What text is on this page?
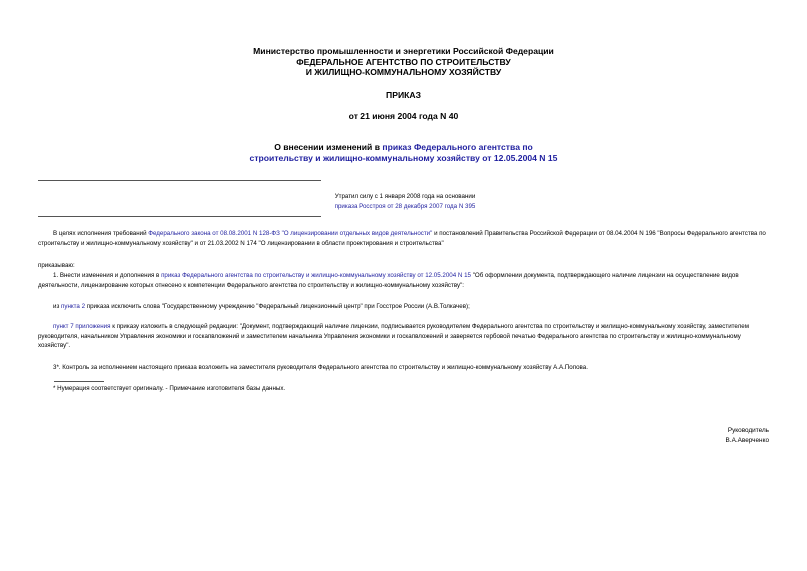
Министерство промышленности и энергетики Российской Федерации
ФЕДЕРАЛЬНОЕ АГЕНТСТВО ПО СТРОИТЕЛЬСТВУ
И ЖИЛИЩНО-КОММУНАЛЬНОМУ ХОЗЯЙСТВУ
ПРИКАЗ
от 21 июня 2004 года N 40
О внесении изменений в приказ Федерального агентства по
строительству и жилищно-коммунальному хозяйству от 12.05.2004 N 15
Утратил силу с 1 января 2008 года на основании
приказа Росстроя от 28 декабря 2007 года N 395
В целях исполнения требований Федерального закона от 08.08.2001 N 128-ФЗ "О лицензировании отдельных видов деятельности" и постановлений Правительства Российской Федерации от 08.04.2004 N 196 "Вопросы Федерального агентства по строительству и жилищно-коммунальному хозяйству" и от 21.03.2002 N 174 "О лицензировании в области проектирования и строительства"
приказываю:
1. Внести изменения и дополнения в приказ Федерального агентства по строительству и жилищно-коммунальному хозяйству от 12.05.2004 N 15 "Об оформлении документа, подтверждающего наличие лицензии на осуществление видов деятельности, лицензирование которых отнесено к компетенции Федерального агентства по строительству и жилищно-коммунальному хозяйству":
из пункта 2 приказа исключить слова "Государственному учреждению "Федеральный лицензионный центр" при Госстрое России (А.В.Толкачев);
пункт 7 приложения к приказу изложить в следующей редакции: "Документ, подтверждающий наличие лицензии, подписывается руководителем Федерального агентства по строительству и жилищно-коммунальному хозяйству, заместителем руководителя, начальником Управления экономики и госкапвложений и заместителем начальника Управления экономики и госкапвложений и заверяется гербовой печатью Федерального агентства по строительству и жилищно-коммунальному хозяйству".
3*. Контроль за исполнением настоящего приказа возложить на заместителя руководителя Федерального агентства по строительству и жилищно-коммунальному хозяйству А.А.Попова.
* Нумерация соответствует оригиналу. - Примечание изготовителя базы данных.
Руководитель
В.А.Аверченко
